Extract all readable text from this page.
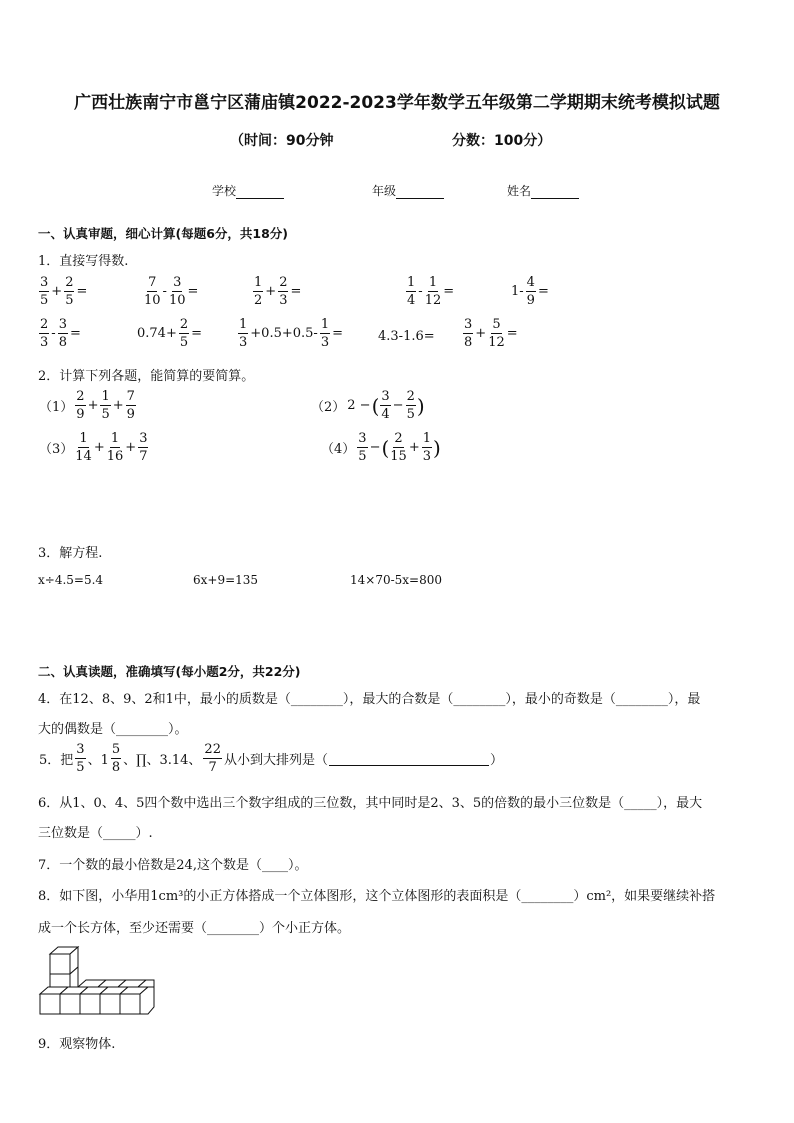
广西壮族南宁市邕宁区蒲庙镇2022-2023学年数学五年级第二学期期末统考模拟试题
（时间：90分钟	分数：100分）
学校	年级	姓名
一、认真审题，细心计算(每题6分，共18分)
1．直接写得数.
$\frac{3}{5} + \frac{2}{5}$ =	$\frac{7}{10} - \frac{3}{10}$ =	$\frac{1}{2} + \frac{2}{3}$ =	$\frac{1}{4} - \frac{1}{12}$ =	$1- \frac{4}{9}$ =
$\frac{2}{3} - \frac{3}{8}$ =	$0.74+ \frac{2}{5}$ =	$\frac{1}{3} +0.5+0.5- \frac{1}{3}$ =	$4.3-1.6= \frac{3}{8} + \frac{5}{12}$ =
2．计算下列各题，能简算的要简算。
$(1) \frac{2}{9} + \frac{1}{5} + \frac{7}{9}$	（2） 2 − ( $\frac{3}{4} - \frac{2}{5}$ )
$(3) \frac{1}{14} + \frac{1}{16} + \frac{3}{7}$	$(4) \frac{3}{5}$ − ( $\frac{2}{15} + \frac{1}{3}$ )
3．解方程.
x÷4.5=5.4	6x+9=135	14×70-5x=800
二、认真读题，准确填写(每小题2分，共22分)
4．在12、8、9、2和1中，最小的质数是（________），最大的合数是（________），最小的奇数是（________），最
大的偶数是（________）。
5．把 $\frac{3}{5}$ 、$1 \frac{5}{8}$ 、∏、3.14、 $\frac{22}{7}$ 从小到大排列是（	）
6．从1、0、4、5四个数中选出三个数字组成的三位数，其中同时是2、3、5的倍数的最小三位数是（_____），最大
三位数是（_____）.
7．一个数的最小倍数是24,这个数是（____）。
8．如下图，小华用1cm³的小正方体搭成一个立体图形，这个立体图形的表面积是（________）cm²，如果要继续补搭
成一个长方体，至少还需要（________）个小正方体。
9．观察物体.
